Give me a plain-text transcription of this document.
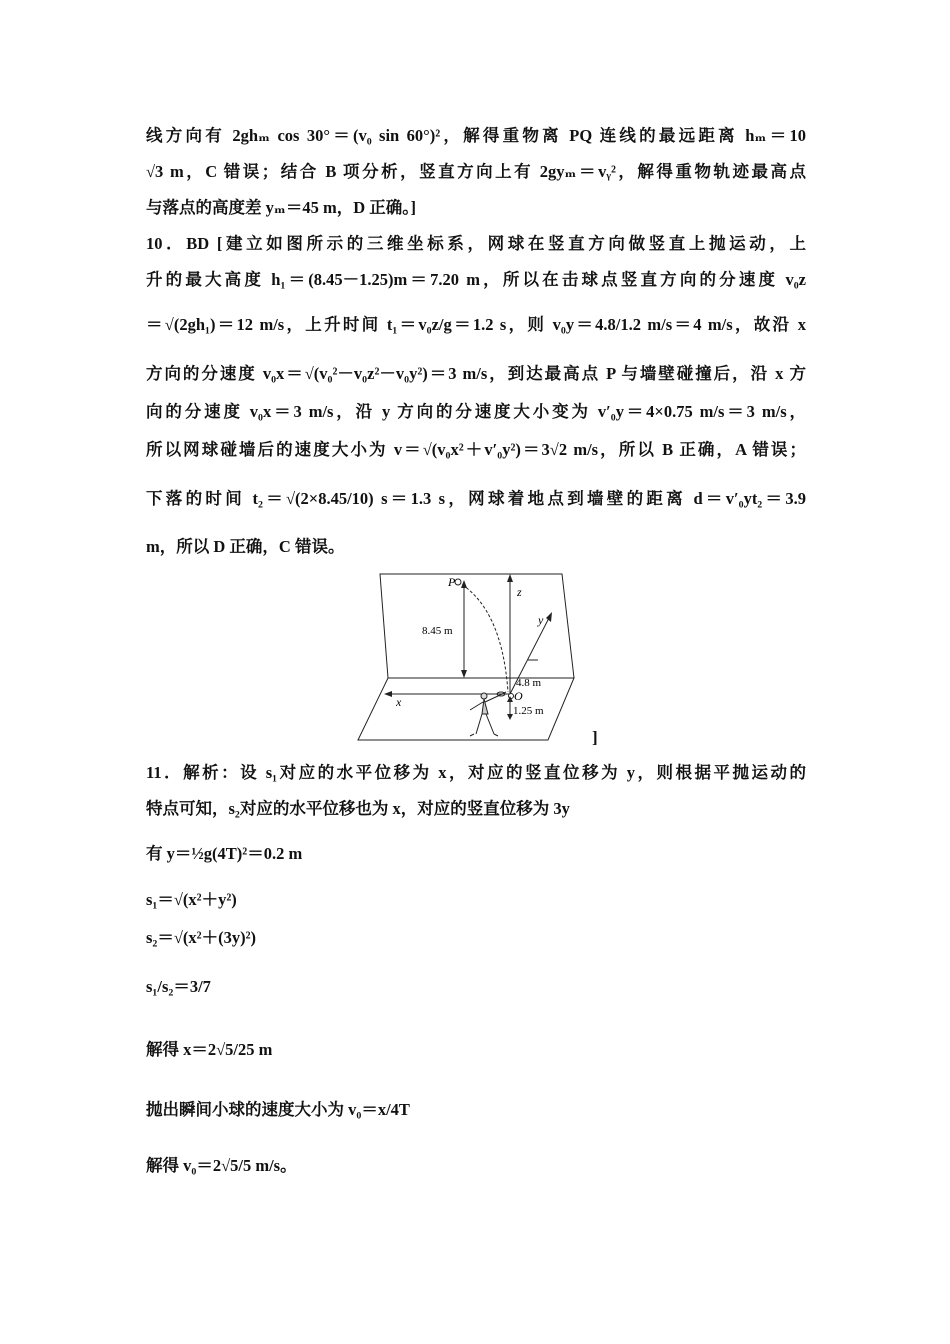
线方向有 2ghₘ cos 30°＝(v₀ sin 60°)²，解得重物离 PQ 连线的最远距离 hₘ＝10
√3 m，C 错误；结合 B 项分析，竖直方向上有 2gyₘ＝vᵧ²，解得重物轨迹最高点
与落点的高度差 yₘ＝45 m，D 正确。]
10．BD [建立如图所示的三维坐标系，网球在竖直方向做竖直上抛运动，上
升的最大高度 h₁＝(8.45－1.25)m＝7.20 m，所以在击球点竖直方向的分速度 v₀z
＝√(2gh₁)＝12 m/s，上升时间 t₁＝v₀z/g＝1.2 s，则 v₀y＝4.8/1.2 m/s＝4 m/s，故沿 x
方向的分速度 v₀x＝√(v₀²－v₀z²－v₀y²)＝3 m/s，到达最高点 P 与墙壁碰撞后，沿 x 方
向的分速度 v₀x＝3 m/s，沿 y 方向的分速度大小变为 v′₀y＝4×0.75 m/s＝3 m/s，
所以网球碰墙后的速度大小为 v＝√(v₀x²＋v′₀y²)＝3√2 m/s，所以 B 正确，A 错误；
下落的时间 t₂＝√(2×8.45/10) s＝1.3 s，网球着地点到墙壁的距离 d＝v′₀yt₂＝3.9
m，所以 D 正确，C 错误。
P
z
y
x	O
8.45 m
4.8 m
1.25 m
]
11．解析：设 s₁对应的水平位移为 x，对应的竖直位移为 y，则根据平抛运动的
特点可知，s₂对应的水平位移也为 x，对应的竖直位移为 3y
有 y＝½g(4T)²＝0.2 m
s₁＝√(x²＋y²)
s₂＝√(x²＋(3y)²)
s₁/s₂＝3/7
解得 x＝2√5/25 m
抛出瞬间小球的速度大小为 v₀＝x/4T
解得 v₀＝2√5/5 m/s。
